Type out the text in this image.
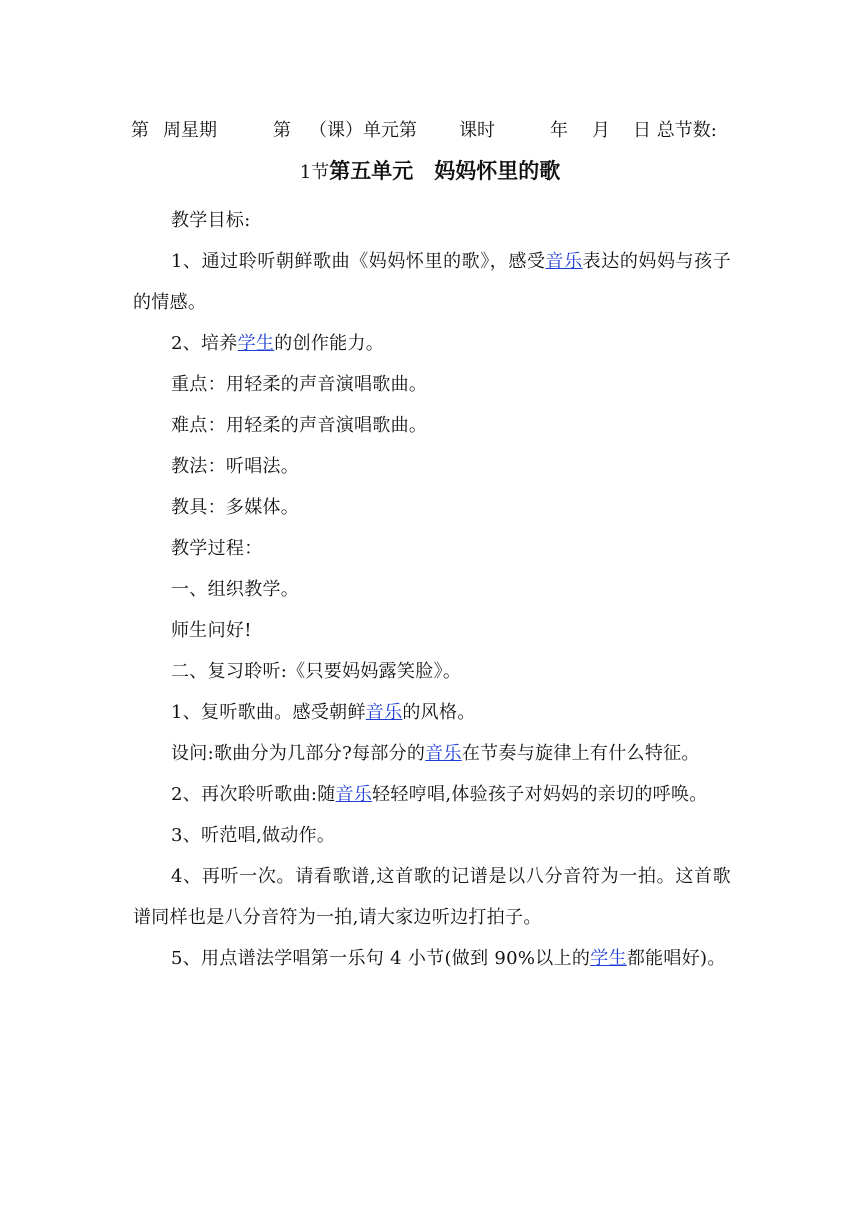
第 周星期	第 （课）单元第 课时	年 月 日 总节数:
1节第五单元　妈妈怀里的歌

教学目标:

1、通过聆听朝鲜歌曲《妈妈怀里的歌》，感受音乐表达的妈妈与孩子的情感。

2、培养学生的创作能力。

重点：用轻柔的声音演唱歌曲。

难点：用轻柔的声音演唱歌曲。

教法：听唱法。

教具：多媒体。

教学过程：

一、组织教学。

师生问好!

二、复习聆听:《只要妈妈露笑脸》。

1、复听歌曲。感受朝鲜音乐的风格。

设问:歌曲分为几部分?每部分的音乐在节奏与旋律上有什么特征。

2、再次聆听歌曲:随音乐轻轻哼唱,体验孩子对妈妈的亲切的呼唤。

3、听范唱,做动作。

4、再听一次。请看歌谱,这首歌的记谱是以八分音符为一拍。这首歌谱同样也是八分音符为一拍,请大家边听边打拍子。

5、用点谱法学唱第一乐句 4 小节(做到 90%以上的学生都能唱好)。
